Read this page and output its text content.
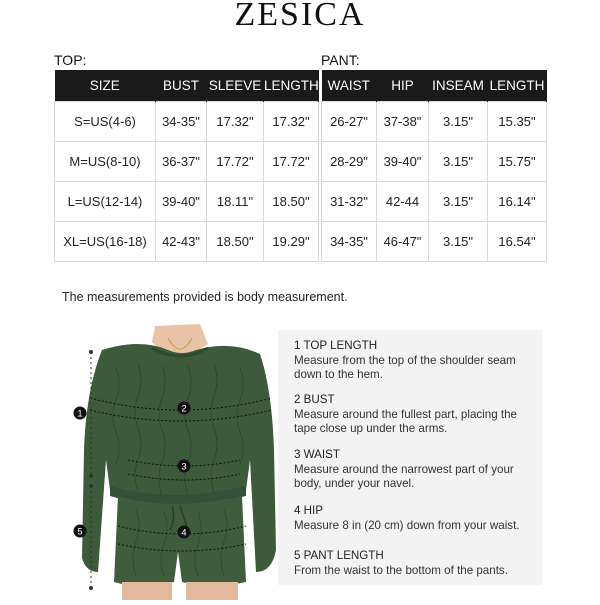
ZESICA
TOP:	PANT:
SIZE	BUST	SLEEVE	LENGTH
S=US(4-6)	34-35"	17.32"	17.32"
M=US(8-10)	36-37"	17.72"	17.72"
L=US(12-14)	39-40"	18.11"	18.50"
XL=US(16-18)	42-43"	18.50"	19.29"
WAIST	HIP	INSEAM	LENGTH
26-27"	37-38"	3.15"	15.35"
28-29"	39-40"	3.15"	15.75"
31-32"	42-44	3.15"	16.14"
34-35"	46-47"	3.15"	16.54"
The measurements provided is body measurement.
1	2
3
4
5
1 TOP LENGTH
Measure from the top of the shoulder seam down to the hem.
2 BUST
Measure around the fullest part, placing the tape close up under the arms.
3 WAIST
Measure around the narrowest part of your body, under your navel.
4 HIP
Measure 8 in (20 cm) down from your waist.
5 PANT LENGTH
From the waist to the bottom of the pants.
